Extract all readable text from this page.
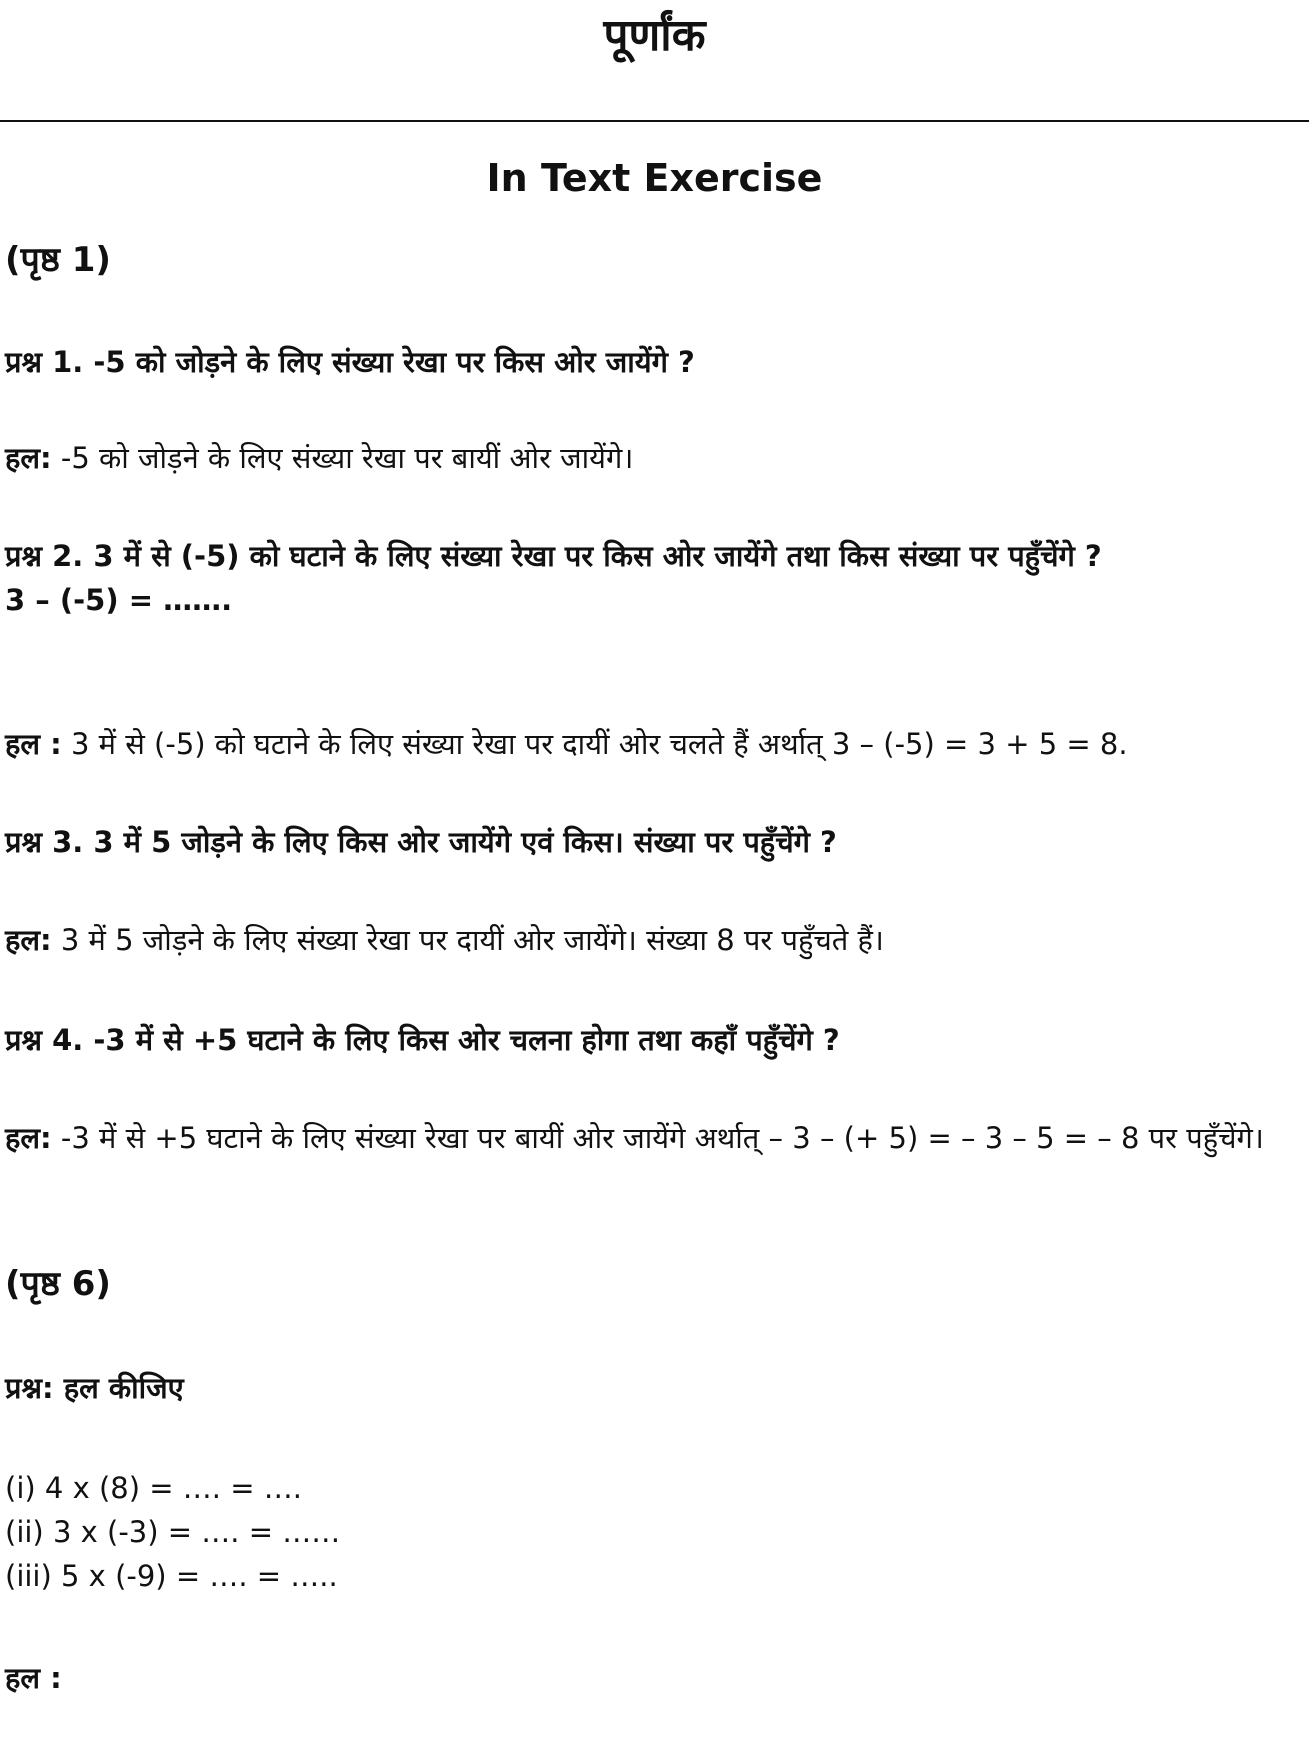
पूर्णांक
In Text Exercise
(पृष्ठ 1)
प्रश्न 1. -5 को जोड़ने के लिए संख्या रेखा पर किस ओर जायेंगे ?
हल: -5 को जोड़ने के लिए संख्या रेखा पर बायीं ओर जायेंगे।
प्रश्न 2. 3 में से (-5) को घटाने के लिए संख्या रेखा पर किस ओर जायेंगे तथा किस संख्या पर पहुँचेंगे ?
3 – (-5) = …….
हल : 3 में से (-5) को घटाने के लिए संख्या रेखा पर दायीं ओर चलते हैं अर्थात् 3 – (-5) = 3 + 5 = 8.
प्रश्न 3. 3 में 5 जोड़ने के लिए किस ओर जायेंगे एवं किस। संख्या पर पहुँचेंगे ?
हल: 3 में 5 जोड़ने के लिए संख्या रेखा पर दायीं ओर जायेंगे। संख्या 8 पर पहुँचते हैं।
प्रश्न 4. -3 में से +5 घटाने के लिए किस ओर चलना होगा तथा कहाँ पहुँचेंगे ?
हल: -3 में से +5 घटाने के लिए संख्या रेखा पर बायीं ओर जायेंगे अर्थात् – 3 – (+ 5) = – 3 – 5 = – 8 पर पहुँचेंगे।
(पृष्ठ 6)
प्रश्न: हल कीजिए
(i) 4 x (8) = …. = ….
(ii) 3 x (-3) = …. = ……
(iii) 5 x (-9) = …. = …..
हल :
